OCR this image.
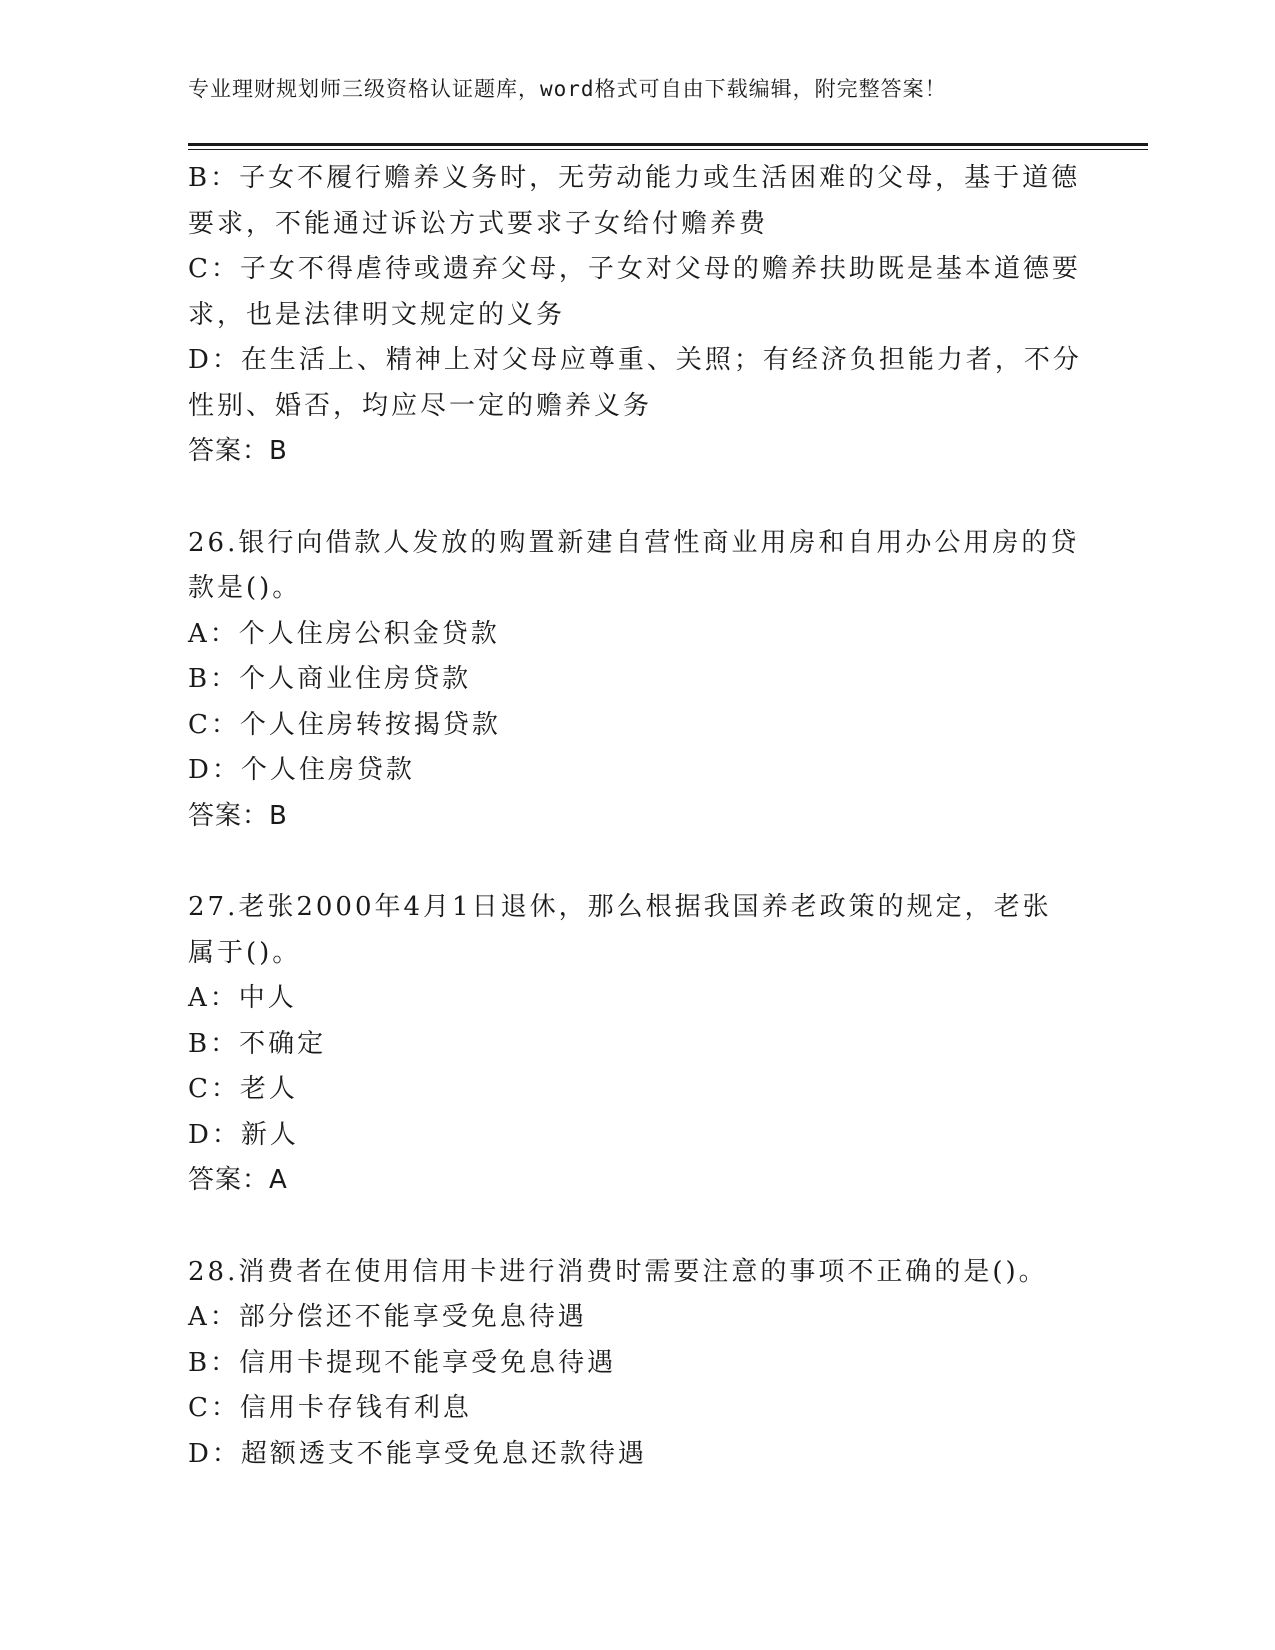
专业理财规划师三级资格认证题库，word格式可自由下载编辑，附完整答案！
B：子女不履行赡养义务时，无劳动能力或生活困难的父母，基于道德
要求，不能通过诉讼方式要求子女给付赡养费
C：子女不得虐待或遗弃父母，子女对父母的赡养扶助既是基本道德要
求，也是法律明文规定的义务
D：在生活上、精神上对父母应尊重、关照；有经济负担能力者，不分
性别、婚否，均应尽一定的赡养义务
答案：B
26.银行向借款人发放的购置新建自营性商业用房和自用办公用房的贷
款是()。
A：个人住房公积金贷款
B：个人商业住房贷款
C：个人住房转按揭贷款
D：个人住房贷款
答案：B
27.老张2000年4月1日退休，那么根据我国养老政策的规定，老张
属于()。
A：中人
B：不确定
C：老人
D：新人
答案：A
28.消费者在使用信用卡进行消费时需要注意的事项不正确的是()。
A：部分偿还不能享受免息待遇
B：信用卡提现不能享受免息待遇
C：信用卡存钱有利息
D：超额透支不能享受免息还款待遇
